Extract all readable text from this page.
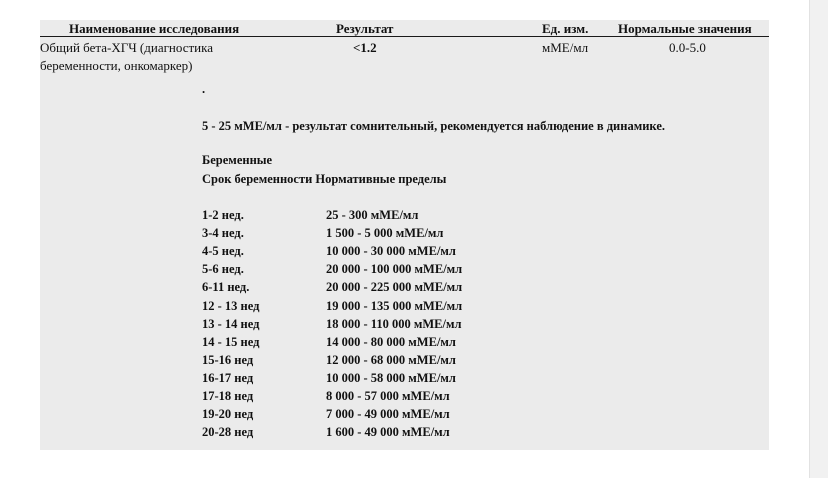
Наименование исследования	Результат	Ед. изм. Нормальные значения
Общий бета-ХГЧ (диагностика
беременности, онкомаркер)
<1.2	мМЕ/мл	0.0-5.0
.
5 - 25 мМЕ/мл - результат сомнительный, рекомендуется наблюдение в динамике.
Беременные
Срок беременности Нормативные пределы
1-2 нед.	25 - 300 мМЕ/мл
3-4 нед.	1 500 - 5 000 мМЕ/мл
4-5 нед.	10 000 - 30 000 мМЕ/мл
5-6 нед.	20 000 - 100 000 мМЕ/мл
6-11 нед.	20 000 - 225 000 мМЕ/мл
12 - 13 нед	19 000 - 135 000 мМЕ/мл
13 - 14 нед	18 000 - 110 000 мМЕ/мл
14 - 15 нед	14 000 - 80 000 мМЕ/мл
15-16 нед	12 000 - 68 000 мМЕ/мл
16-17 нед	10 000 - 58 000 мМЕ/мл
17-18 нед	8 000 - 57 000 мМЕ/мл
19-20 нед	7 000 - 49 000 мМЕ/мл
20-28 нед	1 600 - 49 000 мМЕ/мл
